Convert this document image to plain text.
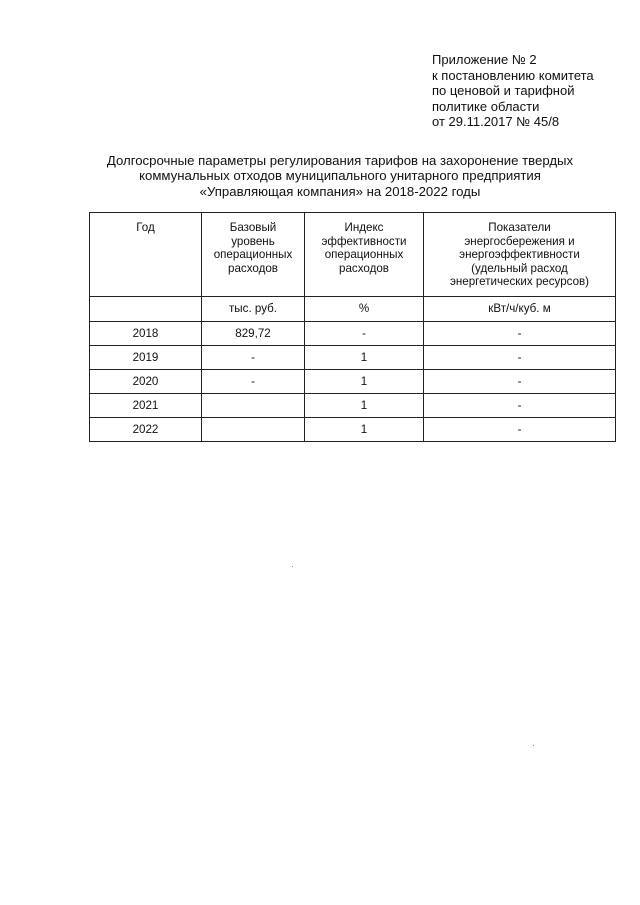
Приложение № 2
к постановлению комитета
по ценовой и тарифной
политике области
от 29.11.2017 № 45/8
Долгосрочные параметры регулирования тарифов на захоронение твердых
коммунальных отходов муниципального унитарного предприятия
«Управляющая компания» на 2018-2022 годы
Год	Базовый
уровень
операционных
расходов	Индекс
эффективности
операционных
расходов	Показатели
энергосбережения и
энергоэффективности
(удельный расход
энергетических ресурсов)
	тыс. руб.	%	кВт/ч/куб. м
2018	829,72	-	-
2019	-	1	-
2020	-	1	-
2021		1	-
2022		1	-
